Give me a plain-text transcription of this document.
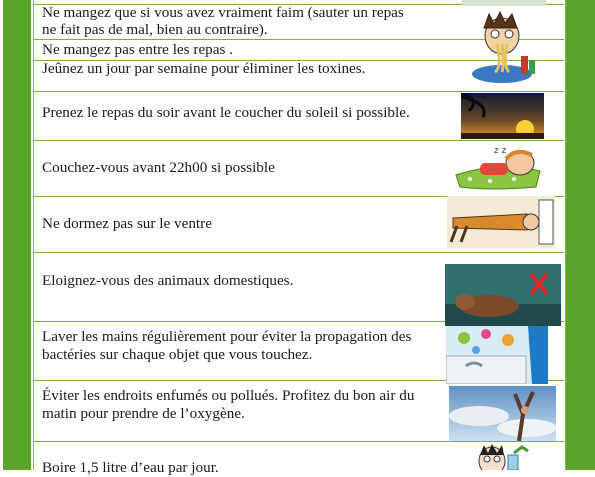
Ne mangez que si vous avez vraiment faim (sauter un repas
ne fait pas de mal, bien au contraire).
Ne mangez pas entre les repas .
Jeûnez un jour par semaine pour éliminer les toxines.
Prenez le repas du soir avant le coucher du soleil si possible.
Couchez-vous avant 22h00 si possible
Ne dormez pas sur le ventre
Eloignez-vous des animaux domestiques.
Laver les mains régulièrement pour éviter la propagation des
bactéries sur chaque objet que vous touchez.
Éviter les endroits enfumés ou pollués. Profitez du bon air du
matin pour prendre de l’oxygène.
Boire 1,5 litre d’eau par jour.
z z
